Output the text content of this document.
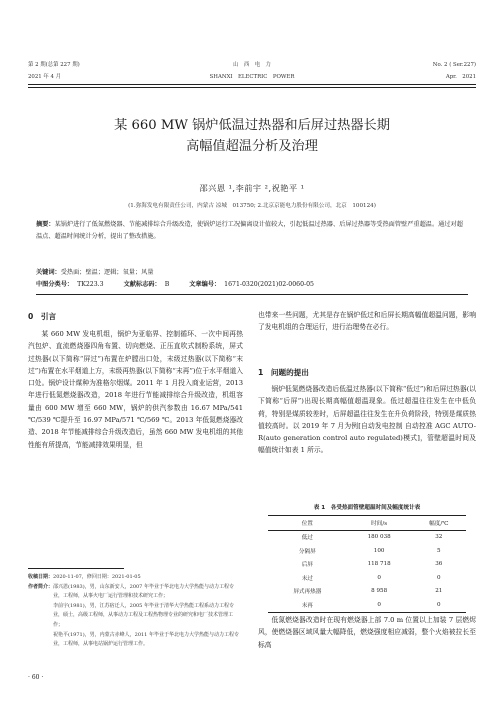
第 2 期(总第 227 期)
2021 年 4 月
山　西　电　力
SHANXI　ELECTRIC　POWER
No. 2 ( Ser.227)
Apr.　2021
某 660 MW 锅炉低温过热器和后屏过热器长期
高幅值超温分析及治理
邵兴恩 ¹,李前宇 ²,祝艳平 ¹
(1.弥海发电有限责任公司，内蒙古 凉城　013750; 2.北京京能电力股份有限公司，北京　100124)
摘要：某锅炉进行了低氮燃烧器、节能减排综合升级改造，使锅炉运行工况偏离设计值较大，引起低温过热器、后屏过热器等受热面管壁严重超温。通过对超温点、超温时间统计分析，提出了整改措施。
关键词：受热面；壁温；逻辑；氧量；风量
中图分类号： TK223.3	文献标志码： B	文章编号： 1671-0320(2021)02-0060-05
0　引言
某 660 MW 发电机组，锅炉为亚临界、控制循环、一次中间再热汽包炉、直流燃烧器四角布置、切向燃烧、正压直吹式制粉系统，屏式过热器(以下简称“屏过”)布置在炉膛出口处，末级过热器(以下简称“末过”)布置在水平烟道上方，末级再热器(以下简称“末再”)位于水平烟道入口处。锅炉设计煤种为准格尔烟煤。2011 年 1 月投入商业运营，2013 年进行低氮燃烧器改造，2018 年进行节能减排综合升级改造，机组容量由 600 MW 增至 660 MW，锅炉的供汽参数由 16.67 MPa/541 ℃/539 ℃提升至 16.97 MPa/571 ℃/569 ℃。2013 年低氮燃烧器改造、2018 年节能减排综合升级改造后，虽然 660 MW 发电机组的其他性能有所提高，节能减排效果明显，但
收稿日期：2020-11-07，修回日期：2021-01-05
作者简介： 邵兴恩(1983)，男，山东新安人，2007 年毕业于华北电力大学热能与动力工程专业，工程师，从事火电厂运行管理和技术研究工作；
李前宇(1981)，男，江苏宿迁人，2005 年毕业于清华大学热能工程系动力工程专业，硕士，高级工程师，从事动力工程及工程热物理专业的研究和电厂技术管理工作；
祝艳平(1971)，男，内蒙古赤峰人，2011 年毕业于华北电力大学热能与动力工程专业，工程师，从事电站锅炉运行管理工作。
· 60 ·
也带来一些问题，尤其是存在锅炉低过和后屏长期高幅值超温问题，影响了发电机组的合理运行，进行治理势在必行。
1　问题的提出
锅炉低氮燃烧器改造后低温过热器(以下简称“低过”)和后屏过热器(以下简称“后屏”)出现长期高幅值超温现象。低过超温往往发生在中低负荷，特别是煤质较差时，后屏超温往往发生在升负荷阶段，特别是煤质热值较高时。以 2019 年 7 月为例[自动发电控制 自动控准 AGC AUTO-R(auto generation control auto regulated)模式]，管壁超温时间及幅值统计如表 1 所示。
表 1　各受热面管壁超温时间及幅度统计表
位置	时间/s	幅度/℃
低过	180 038	32
分隔屏	100	5
后屏	118 718	36
末过	0	0
屏式再热器	8 958	21
末再	0	0
低氮燃烧器改造时在现有燃烧器上部 7.0 m 位置以上加装 7 层燃烬风，使燃烧器区域风量大幅降低，燃烧强度相应减弱，整个火焰被拉长至标高
